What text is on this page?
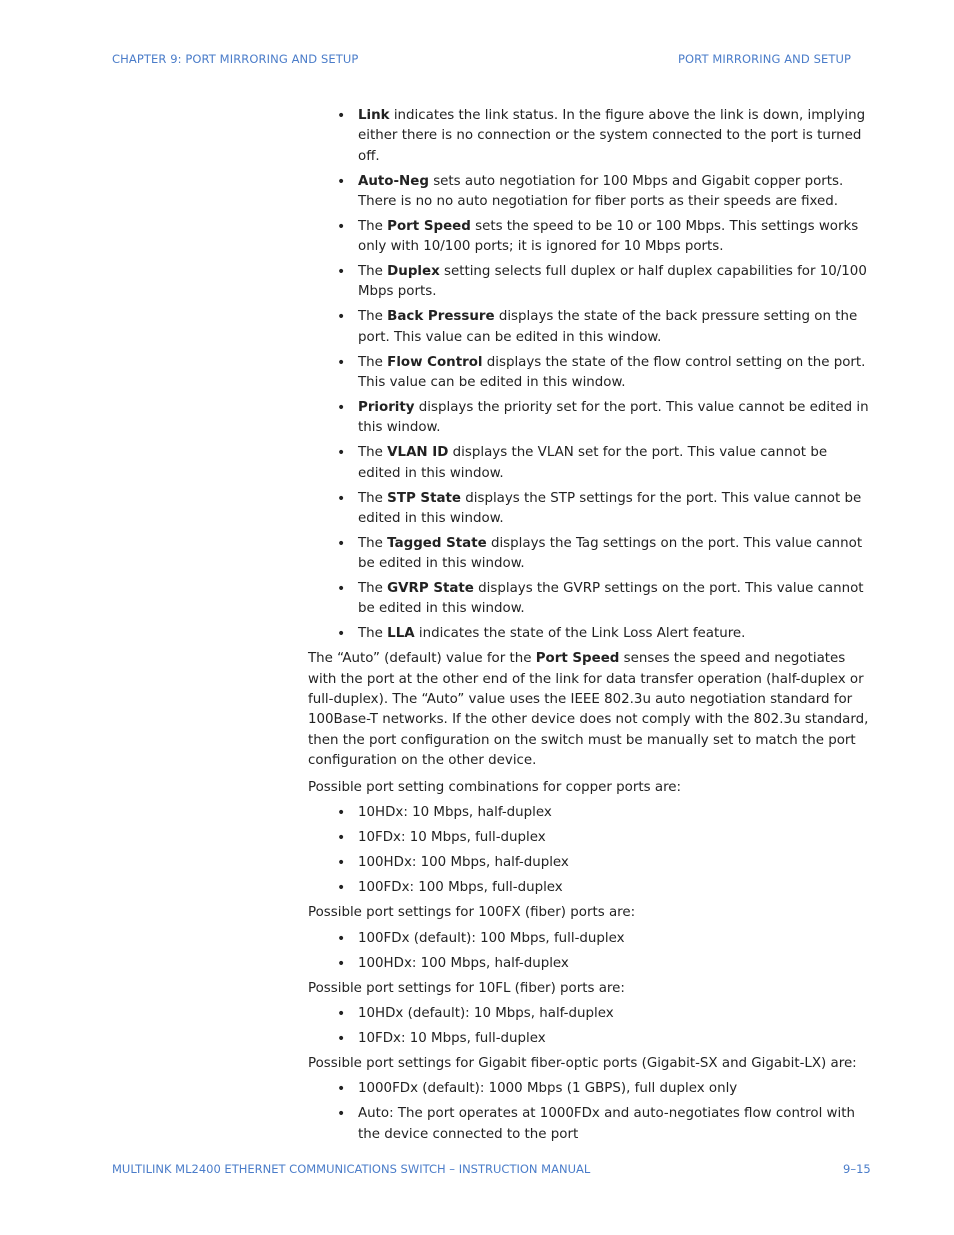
CHAPTER 9: PORT MIRRORING AND SETUP	PORT MIRRORING AND SETUP
• Link indicates the link status. In the figure above the link is down, implying either there is no connection or the system connected to the port is turned off.
• Auto-Neg sets auto negotiation for 100 Mbps and Gigabit copper ports. There is no no auto negotiation for fiber ports as their speeds are fixed.
• The Port Speed sets the speed to be 10 or 100 Mbps. This settings works only with 10/100 ports; it is ignored for 10 Mbps ports.
• The Duplex setting selects full duplex or half duplex capabilities for 10/100 Mbps ports.
• The Back Pressure displays the state of the back pressure setting on the port. This value can be edited in this window.
• The Flow Control displays the state of the flow control setting on the port. This value can be edited in this window.
• Priority displays the priority set for the port. This value cannot be edited in this window.
• The VLAN ID displays the VLAN set for the port. This value cannot be edited in this window.
• The STP State displays the STP settings for the port. This value cannot be edited in this window.
• The Tagged State displays the Tag settings on the port. This value cannot be edited in this window.
• The GVRP State displays the GVRP settings on the port. This value cannot be edited in this window.
• The LLA indicates the state of the Link Loss Alert feature.

The “Auto” (default) value for the Port Speed senses the speed and negotiates with the port at the other end of the link for data transfer operation (half-duplex or full-duplex). The “Auto” value uses the IEEE 802.3u auto negotiation standard for 100Base-T networks. If the other device does not comply with the 802.3u standard, then the port configuration on the switch must be manually set to match the port configuration on the other device.

Possible port setting combinations for copper ports are:

• 10HDx: 10 Mbps, half-duplex
• 10FDx: 10 Mbps, full-duplex
• 100HDx: 100 Mbps, half-duplex
• 100FDx: 100 Mbps, full-duplex

Possible port settings for 100FX (fiber) ports are:

• 100FDx (default): 100 Mbps, full-duplex
• 100HDx: 100 Mbps, half-duplex

Possible port settings for 10FL (fiber) ports are:

• 10HDx (default): 10 Mbps, half-duplex
• 10FDx: 10 Mbps, full-duplex

Possible port settings for Gigabit fiber-optic ports (Gigabit-SX and Gigabit-LX) are:

• 1000FDx (default): 1000 Mbps (1 GBPS), full duplex only
• Auto: The port operates at 1000FDx and auto-negotiates flow control with the device connected to the port
MULTILINK ML2400 ETHERNET COMMUNICATIONS SWITCH – INSTRUCTION MANUAL	9–15
